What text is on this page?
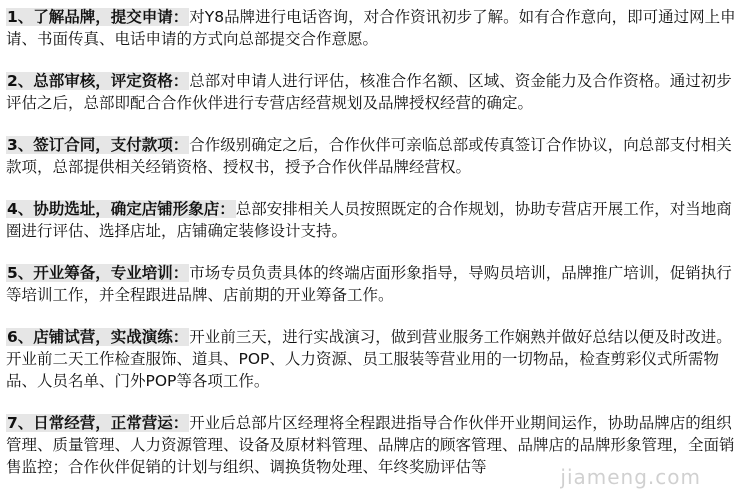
1、了解品牌，提交申请：对Y8品牌进行电话咨询，对合作资讯初步了解。如有合作意向，即可通过网上申请、书面传真、电话申请的方式向总部提交合作意愿。

2、总部审核，评定资格：总部对申请人进行评估，核准合作名额、区域、资金能力及合作资格。通过初步评估之后，总部即配合合作伙伴进行专营店经营规划及品牌授权经营的确定。

3、签订合同，支付款项：合作级别确定之后，合作伙伴可亲临总部或传真签订合作协议，向总部支付相关款项，总部提供相关经销资格、授权书，授予合作伙伴品牌经营权。

4、协助选址，确定店铺形象店：总部安排相关人员按照既定的合作规划，协助专营店开展工作，对当地商圈进行评估、选择店址，店铺确定装修设计支持。

5、开业筹备，专业培训：市场专员负责具体的终端店面形象指导，导购员培训，品牌推广培训，促销执行等培训工作，并全程跟进品牌、店前期的开业筹备工作。

6、店铺试营，实战演练：开业前三天，进行实战演习，做到营业服务工作娴熟并做好总结以便及时改进。开业前二天工作检查服饰、道具、POP、人力资源、员工服装等营业用的一切物品，检查剪彩仪式所需物品、人员名单、门外POP等各项工作。

7、日常经营，正常营运：开业后总部片区经理将全程跟进指导合作伙伴开业期间运作，协助品牌店的组织管理、质量管理、人力资源管理、设备及原材料管理、品牌店的顾客管理、品牌店的品牌形象管理，全面销售监控；合作伙伴促销的计划与组织、调换货物处理、年终奖励评估等	jiameng.com
